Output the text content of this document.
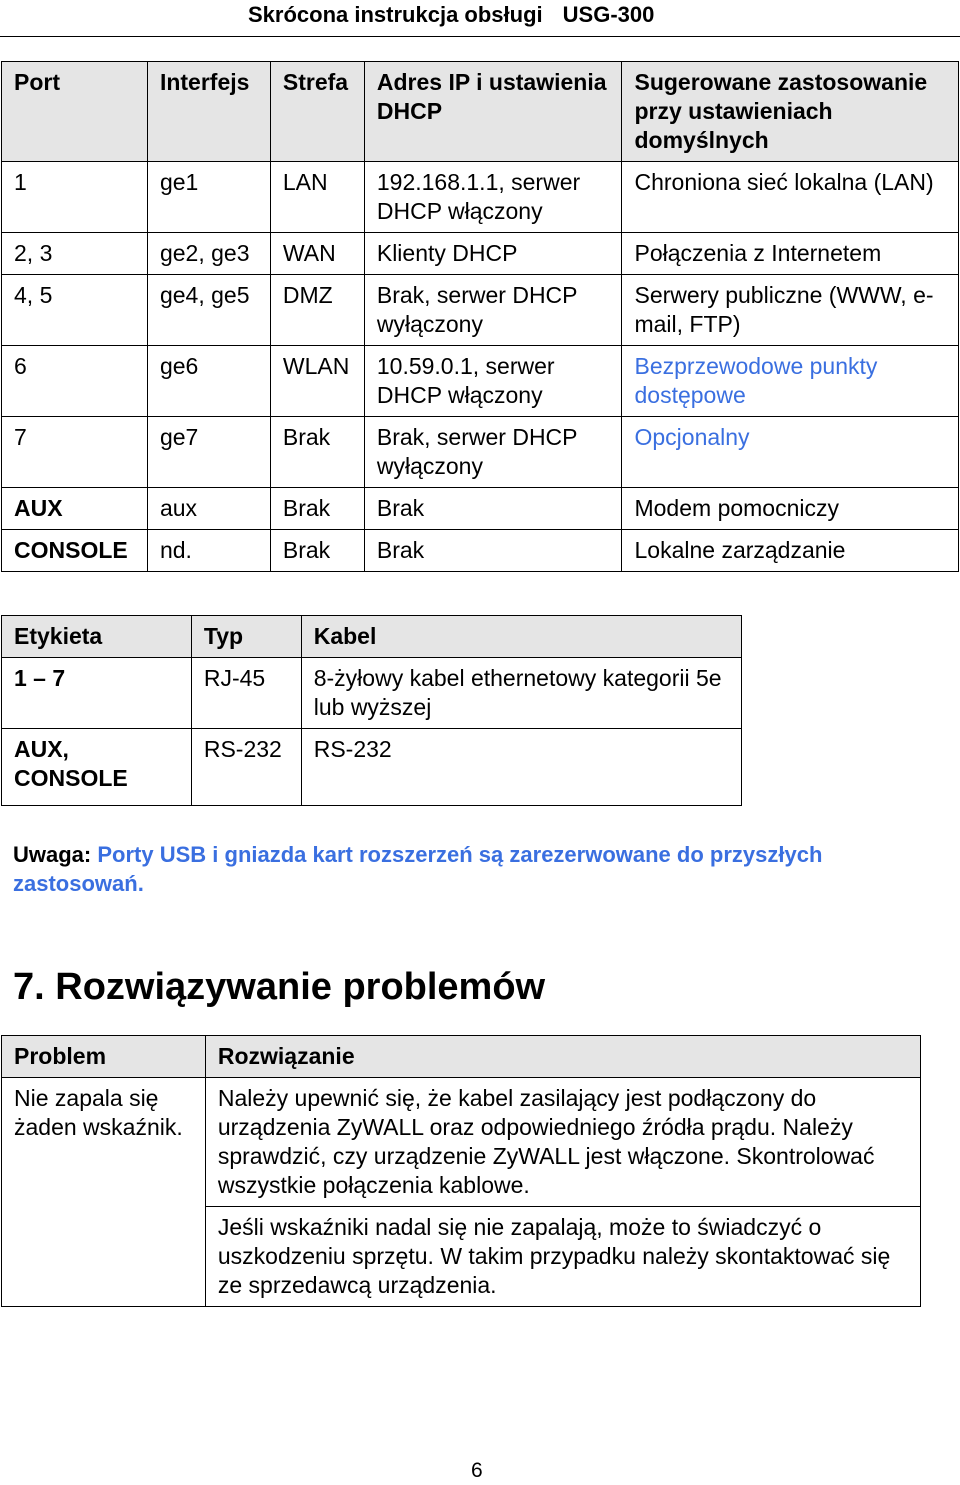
Skrócona instrukcja obsługi USG-300
Port	Interfejs	Strefa	Adres IP i ustawienia DHCP	Sugerowane zastosowanie przy ustawieniach domyślnych
1	ge1	LAN	192.168.1.1, serwer DHCP włączony	Chroniona sieć lokalna (LAN)
2, 3	ge2, ge3	WAN	Klienty DHCP	Połączenia z Internetem
4, 5	ge4, ge5	DMZ	Brak, serwer DHCP wyłączony	Serwery publiczne (WWW, e-mail, FTP)
6	ge6	WLAN	10.59.0.1, serwer DHCP włączony	Bezprzewodowe punkty dostępowe
7	ge7	Brak	Brak, serwer DHCP wyłączony	Opcjonalny
AUX	aux	Brak	Brak	Modem pomocniczy
CONSOLE	nd.	Brak	Brak	Lokalne zarządzanie
Etykieta	Typ	Kabel
1 – 7	RJ-45	8-żyłowy kabel ethernetowy kategorii 5e lub wyższej
AUX, CONSOLE	RS-232	RS-232
Uwaga: Porty USB i gniazda kart rozszerzeń są zarezerwowane do przyszłych zastosowań.
7. Rozwiązywanie problemów
Problem	Rozwiązanie
Nie zapala się żaden wskaźnik.	Należy upewnić się, że kabel zasilający jest podłączony do urządzenia ZyWALL oraz odpowiedniego źródła prądu. Należy sprawdzić, czy urządzenie ZyWALL jest włączone. Skontrolować wszystkie połączenia kablowe.
	Jeśli wskaźniki nadal się nie zapalają, może to świadczyć o uszkodzeniu sprzętu. W takim przypadku należy skontaktować się ze sprzedawcą urządzenia.
6
